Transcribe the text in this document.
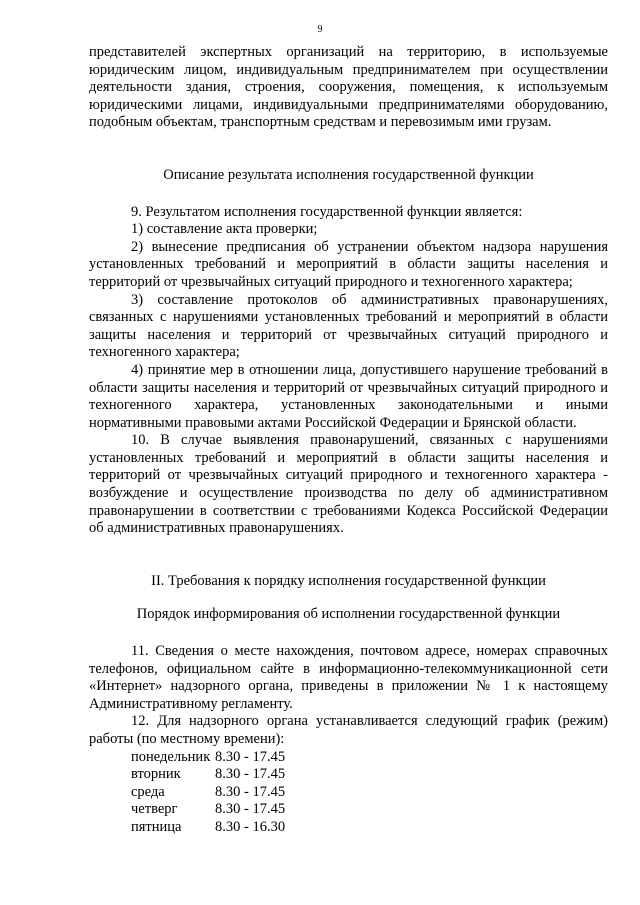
9

представителей экспертных организаций на территорию, в используемые юридическим лицом, индивидуальным предпринимателем при осуществлении деятельности здания, строения, сооружения, помещения, к используемым юридическими лицами, индивидуальными предпринимателями оборудованию, подобным объектам, транспортным средствам и перевозимым ими грузам.

Описание результата исполнения государственной функции

9. Результатом исполнения государственной функции является:

1) составление акта проверки;

2) вынесение предписания об устранении объектом надзора нарушения установленных требований и мероприятий в области защиты населения и территорий от чрезвычайных ситуаций природного и техногенного характера;

3) составление протоколов об административных правонарушениях, связанных с нарушениями установленных требований и мероприятий в области защиты населения и территорий от чрезвычайных ситуаций природного и техногенного характера;

4) принятие мер в отношении лица, допустившего нарушение требований в области защиты населения и территорий от чрезвычайных ситуаций природного и техногенного характера, установленных законодательными и иными нормативными правовыми актами Российской Федерации и Брянской области.

10. В случае выявления правонарушений, связанных с нарушениями установленных требований и мероприятий в области защиты населения и территорий от чрезвычайных ситуаций природного и техногенного характера - возбуждение и осуществление производства по делу об административном правонарушении в соответствии с требованиями Кодекса Российской Федерации об административных правонарушениях.

II. Требования к порядку исполнения государственной функции

Порядок информирования об исполнении государственной функции

11. Сведения о месте нахождения, почтовом адресе, номерах справочных телефонов, официальном сайте в информационно-телекоммуникационной сети «Интернет» надзорного органа, приведены в приложении № 1 к настоящему Административному регламенту.

12. Для надзорного органа устанавливается следующий график (режим) работы (по местному времени):

понедельник	8.30 - 17.45
вторник	8.30 - 17.45
среда	8.30 - 17.45
четверг	8.30 - 17.45
пятница	8.30 - 16.30
